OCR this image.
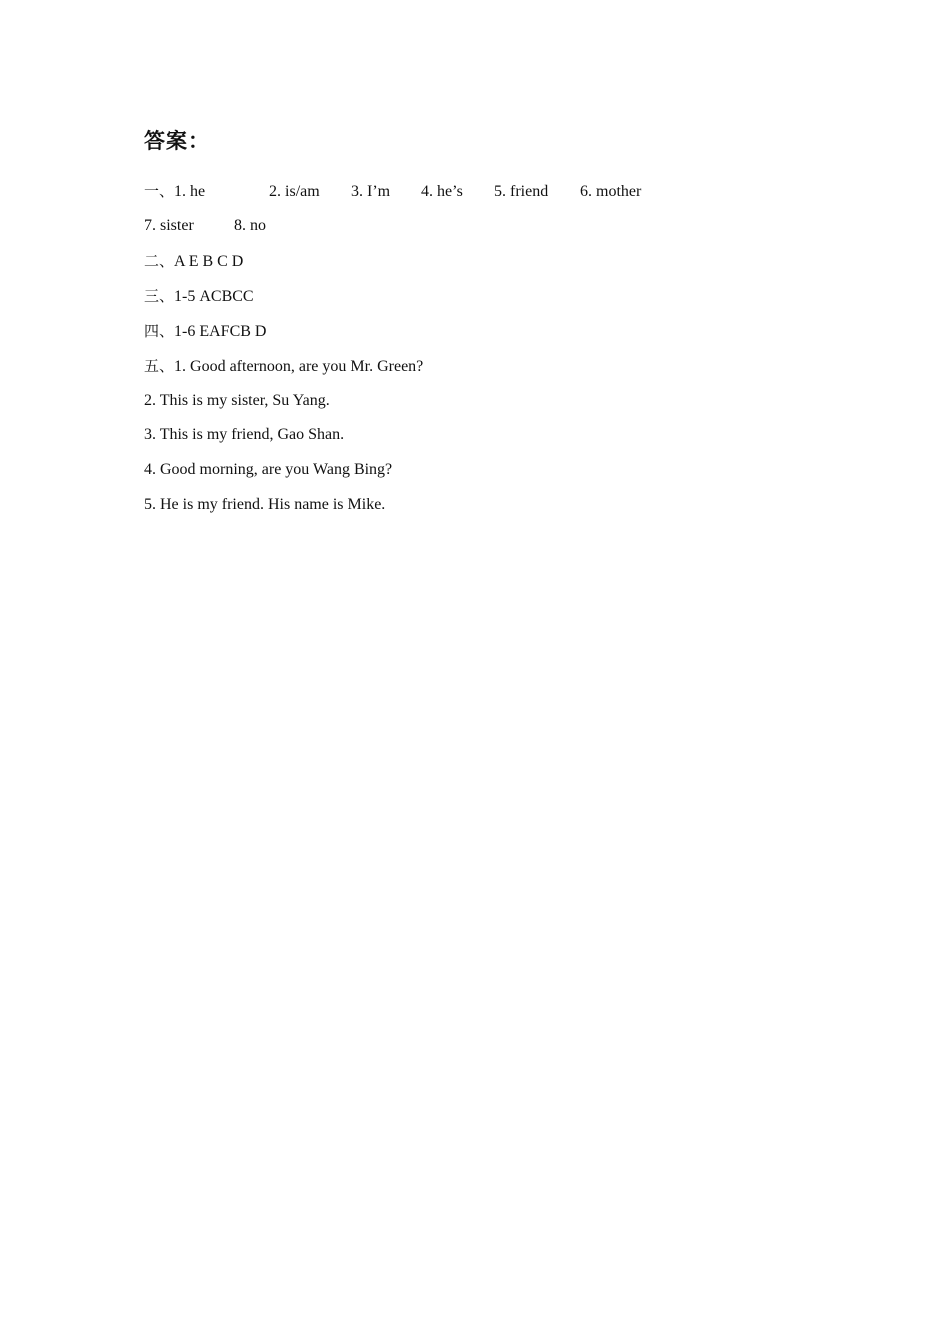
答案：
一、1. he	2. is/am 3. I’m 4. he’s 5. friend 6. mother
7. sister	8. no
二、A E B C D
三、1-5 ACBCC
四、1-6 EAFCB D
五、1. Good afternoon, are you Mr. Green?
2. This is my sister, Su Yang.
3. This is my friend, Gao Shan.
4. Good morning, are you Wang Bing?
5. He is my friend. His name is Mike.
